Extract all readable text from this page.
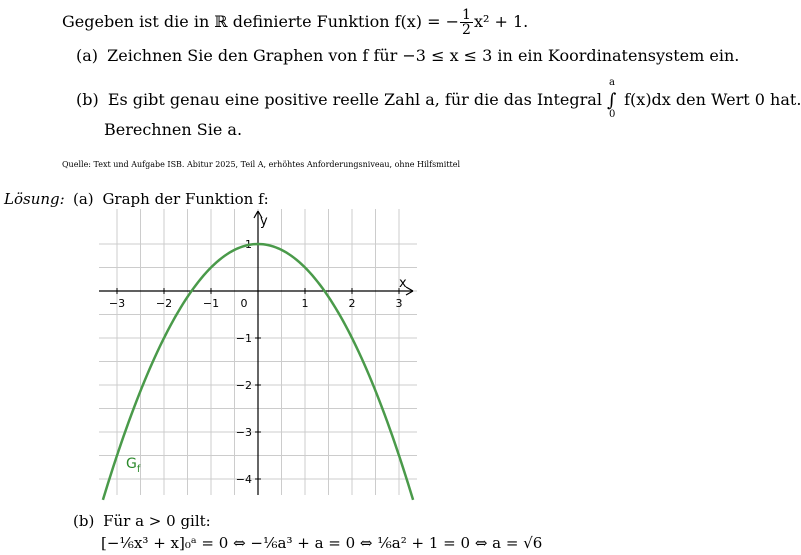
Gegeben ist die in ℝ definierte Funktion f(x) = − $\frac{1}{2} x^2 + 1$.
(a) Zeichnen Sie den Graphen von f für −3 ≤ x ≤ 3 in ein Koordinatensystem ein.
(b) Es gibt genau eine positive reelle Zahl a, für die das Integral
a
∫
0
f(x)dx den Wert 0 hat.
Berechnen Sie a.
Quelle: Text und Aufgabe ISB. Abitur 2025, Teil A, erhöhtes Anforderungsniveau, ohne Hilfsmittel
Lösung: (a) Graph der Funktion f:
−3	−2	−1 0	1	2	3
1
−1
−2
−3
−4
x
y
$G_f$
(b) Für a > 0 gilt:
[−⅙x³ + x]₀ᵃ = 0 ⇔ −⅙a³ + a = 0 ⇔ ⅙a² + 1 = 0 ⇔ a = √6
